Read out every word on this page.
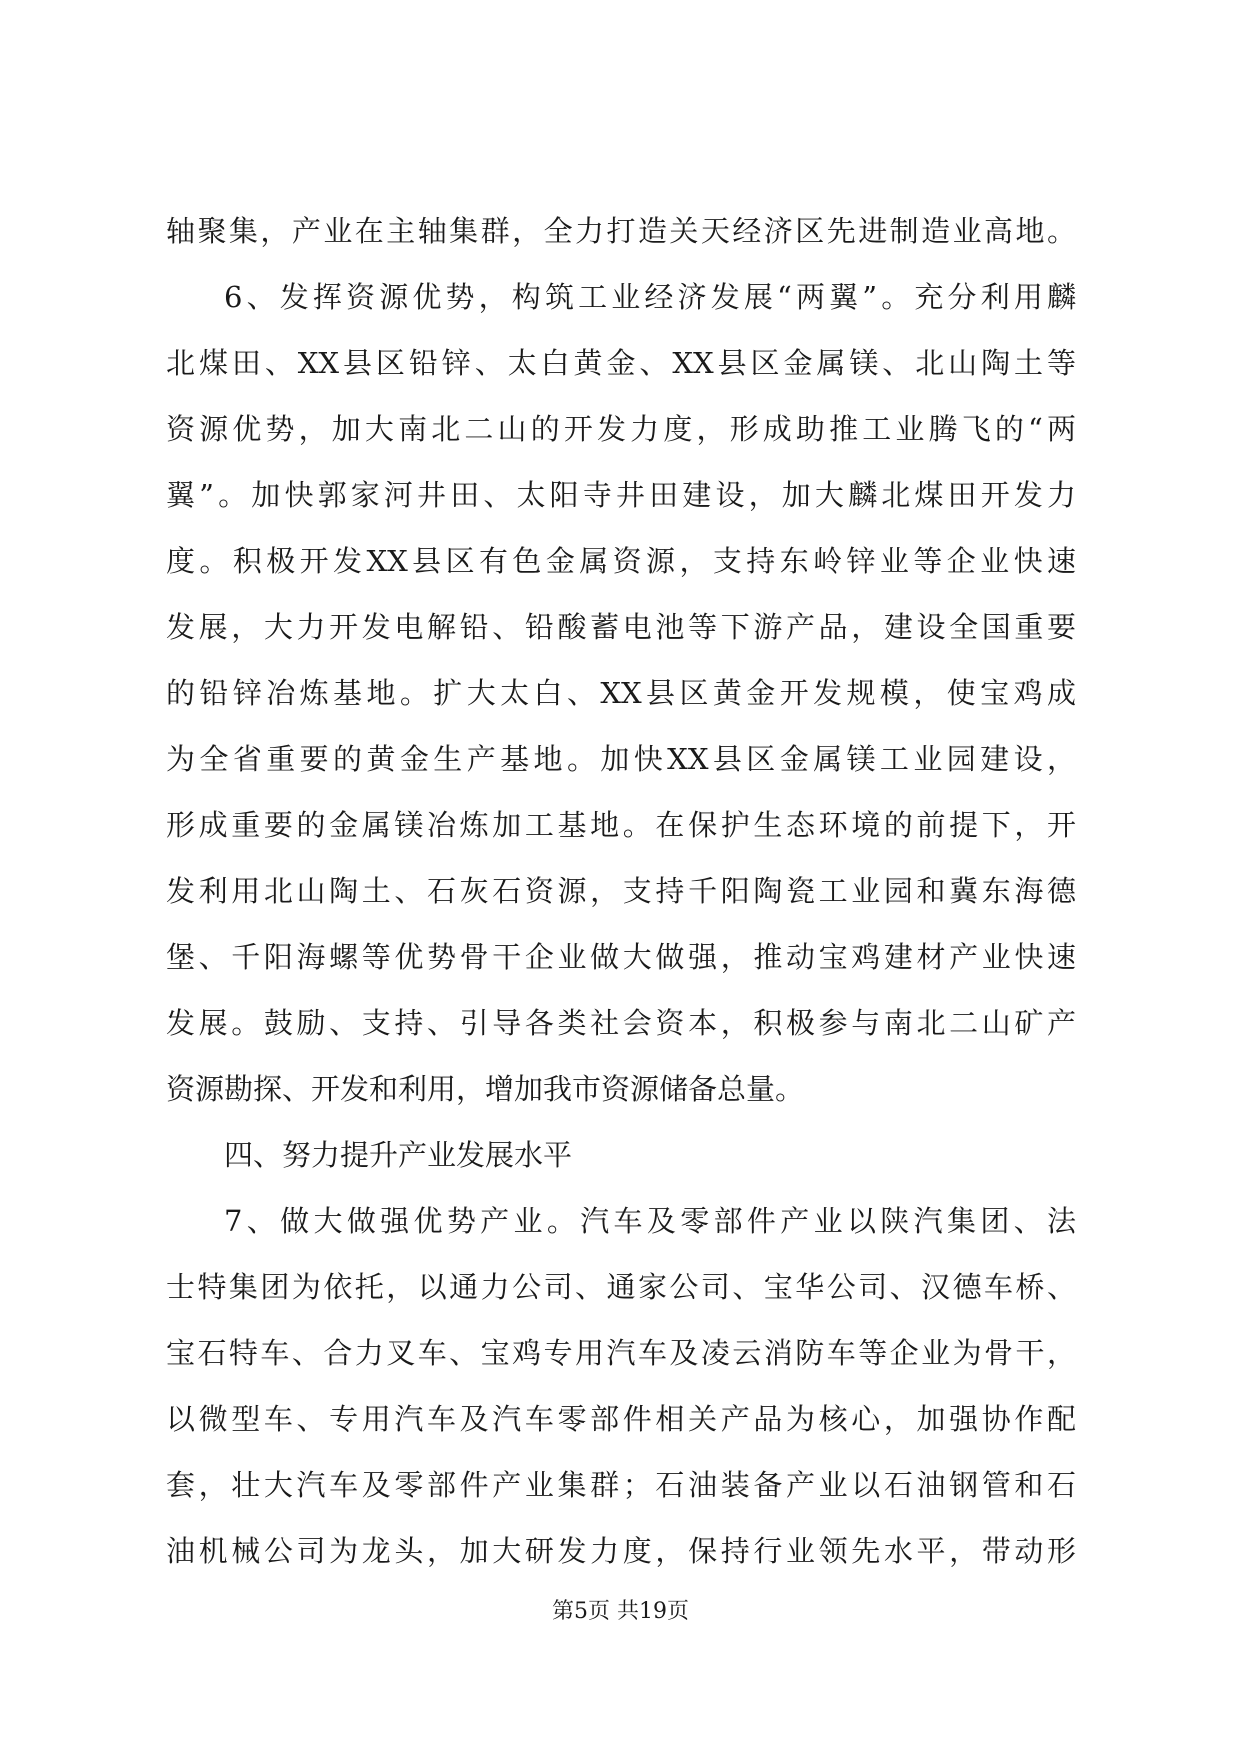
轴聚集，产业在主轴集群，全力打造关天经济区先进制造业高地。
6、发挥资源优势，构筑工业经济发展“两翼”。充分利用麟
北煤田、XX县区铅锌、太白黄金、XX县区金属镁、北山陶土等
资源优势，加大南北二山的开发力度，形成助推工业腾飞的“两
翼”。加快郭家河井田、太阳寺井田建设，加大麟北煤田开发力
度。积极开发XX县区有色金属资源，支持东岭锌业等企业快速
发展，大力开发电解铅、铅酸蓄电池等下游产品，建设全国重要
的铅锌冶炼基地。扩大太白、XX县区黄金开发规模，使宝鸡成
为全省重要的黄金生产基地。加快XX县区金属镁工业园建设，
形成重要的金属镁冶炼加工基地。在保护生态环境的前提下，开
发利用北山陶土、石灰石资源，支持千阳陶瓷工业园和冀东海德
堡、千阳海螺等优势骨干企业做大做强，推动宝鸡建材产业快速
发展。鼓励、支持、引导各类社会资本，积极参与南北二山矿产
资源勘探、开发和利用，增加我市资源储备总量。
四、努力提升产业发展水平
7、做大做强优势产业。汽车及零部件产业以陕汽集团、法
士特集团为依托，以通力公司、通家公司、宝华公司、汉德车桥、
宝石特车、合力叉车、宝鸡专用汽车及凌云消防车等企业为骨干，
以微型车、专用汽车及汽车零部件相关产品为核心，加强协作配
套，壮大汽车及零部件产业集群；石油装备产业以石油钢管和石
油机械公司为龙头，加大研发力度，保持行业领先水平，带动形
第5页 共19页
